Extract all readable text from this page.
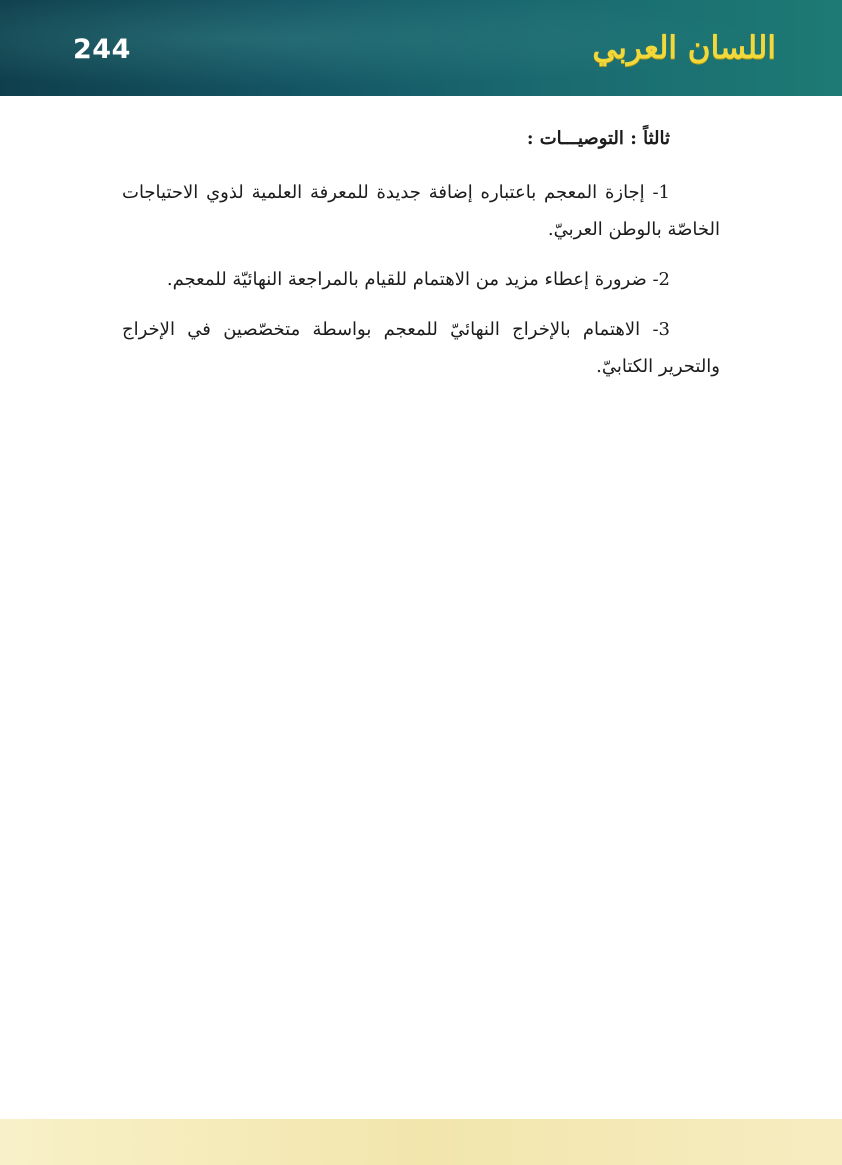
244	اللسان العربي

ثالثاً : التوصيـــات :

1- إجازة المعجم باعتباره إضافة جديدة للمعرفة العلمية لذوي الاحتياجات الخاصّة بالوطن العربيّ.

2- ضرورة إعطاء مزيد من الاهتمام للقيام بالمراجعة النهائيّة للمعجم.

3- الاهتمام بالإخراج النهائيّ للمعجم بواسطة متخصّصين في الإخراج والتحرير الكتابيّ.
